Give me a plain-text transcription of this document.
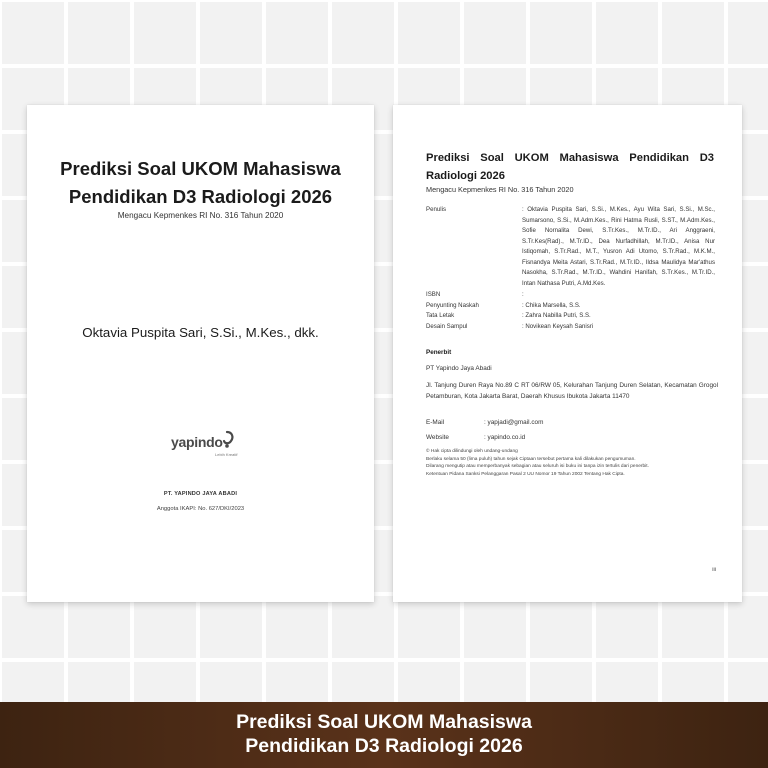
Prediksi Soal UKOM Mahasiswa
Pendidikan D3 Radiologi 2026
Mengacu Kepmenkes RI No. 316 Tahun 2020
Oktavia Puspita Sari, S.Si., M.Kes., dkk.
yapindo
Lebih Kreatif
PT. YAPINDO JAYA ABADI
Anggota IKAPI: No. 627/DKI/2023
Prediksi Soal UKOM Mahasiswa Pendidikan D3 Radiologi 2026
Mengacu Kepmenkes RI No. 316 Tahun 2020
Penulis	: Oktavia Puspita Sari, S.Si., M.Kes., Ayu Wita Sari, S.Si., M.Sc., Sumarsono, S.Si., M.Adm.Kes., Rini Hatma Rusli, S.ST., M.Adm.Kes., Sofie Nornalita Dewi, S.Tr.Kes., M.Tr.ID., Ari Anggraeni, S.Tr.Kes(Rad)., M.Tr.ID., Dea Nurfadhillah, M.Tr.ID., Anisa Nur Istiqomah, S.Tr.Rad., M.T., Yusron Adi Utomo, S.Tr.Rad., M.K.M., Fisnandya Meita Astari, S.Tr.Rad., M.Tr.ID., Ildsa Maulidya Mar'athus Nasokha, S.Tr.Rad., M.Tr.ID., Wahdini Hanifah, S.Tr.Kes., M.Tr.ID., Intan Nathasa Putri, A.Md.Kes.
ISBN	:
Penyunting Naskah	: Chika Marsella, S.S.
Tata Letak	: Zahra Nabilla Putri, S.S.
Desain Sampul	: Novikean Keysah Sanisri
Penerbit
PT Yapindo Jaya Abadi
Jl. Tanjung Duren Raya No.89 C RT 06/RW 05, Kelurahan Tanjung Duren Selatan, Kecamatan Grogol Petamburan, Kota Jakarta Barat, Daerah Khusus Ibukota Jakarta 11470
E-Mail	: yapjadi@gmail.com
Website	: yapindo.co.id
© Hak cipta dilindungi oleh undang-undang
Berlaku selama 50 (lima puluh) tahun sejak Ciptaan tersebut pertama kali dilakukan pengumuman.
Dilarang mengutip atau memperbanyak sebagian atau seluruh isi buku ini tanpa izin tertulis dari penerbit.
Ketentuan Pidana Sanksi Pelanggaran Pasal 2 UU Nomor 19 Tahun 2002 Tentang Hak Cipta.
iii
Prediksi Soal UKOM Mahasiswa
Pendidikan D3 Radiologi 2026
